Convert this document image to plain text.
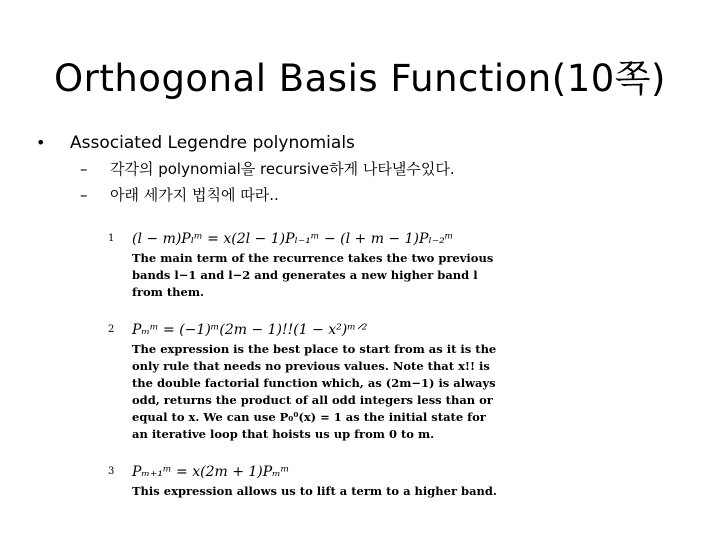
Orthogonal Basis Function(10쪽)
•	Associated Legendre polynomials
–	각각의 polynomial을 recursive하게 나타낼수있다.
–	아래 세가지 법칙에 따라..
1 (l − m)Pₗᵐ = x(2l − 1)Pₗ₋₁ᵐ − (l + m − 1)Pₗ₋₂ᵐ
The main term of the recurrence takes the two previous bands l−1 and l−2 and generates a new higher band l from them.
2 Pₘᵐ = (−1)ᵐ(2m − 1)!!(1 − x²)ᵐᐟ²
The expression is the best place to start from as it is the only rule that needs no previous values. Note that x!! is the double factorial function which, as (2m−1) is always odd, returns the product of all odd integers less than or equal to x. We can use P₀⁰(x) = 1 as the initial state for an iterative loop that hoists us up from 0 to m.
3 Pₘ₊₁ᵐ = x(2m + 1)Pₘᵐ
This expression allows us to lift a term to a higher band.
